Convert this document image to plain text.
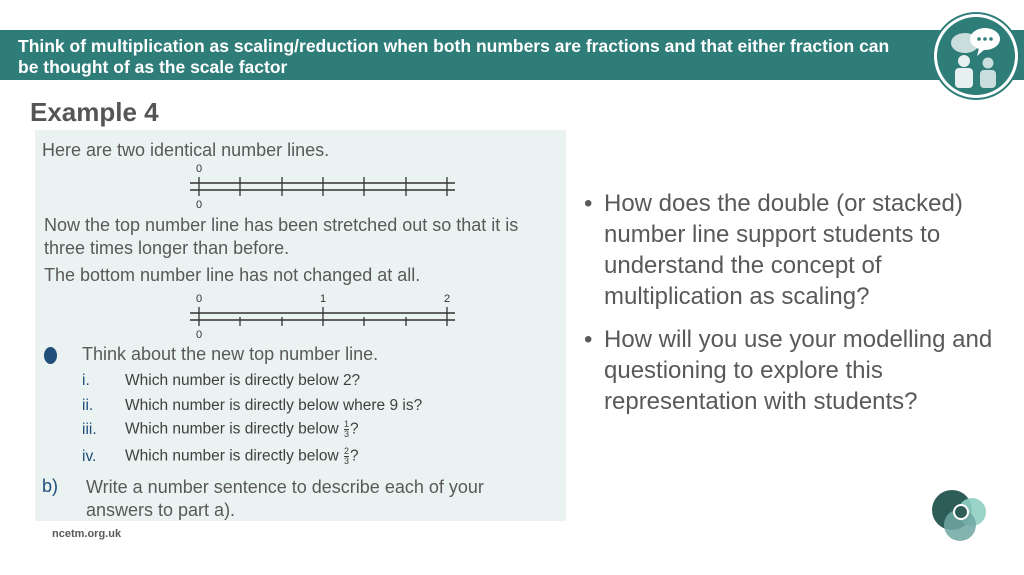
Think of multiplication as scaling/reduction when both numbers are fractions and that either fraction can be thought of as the scale factor
Example 4
Here are two identical number lines.
0
0
Now the top number line has been stretched out so that it is three times longer than before.
The bottom number line has not changed at all.
0	1	2
0
Think about the new top number line.
i. Which number is directly below 2?
ii. Which number is directly below where 9 is?
iii. Which number is directly below $\frac{1}{3}$ ?
iv. Which number is directly below $\frac{2}{3}$ ?
b) Write a number sentence to describe each of your answers to part a).
• How does the double (or stacked) number line support students to understand the concept of multiplication as scaling?
• How will you use your modelling and questioning to explore this representation with students?
ncetm.org.uk
